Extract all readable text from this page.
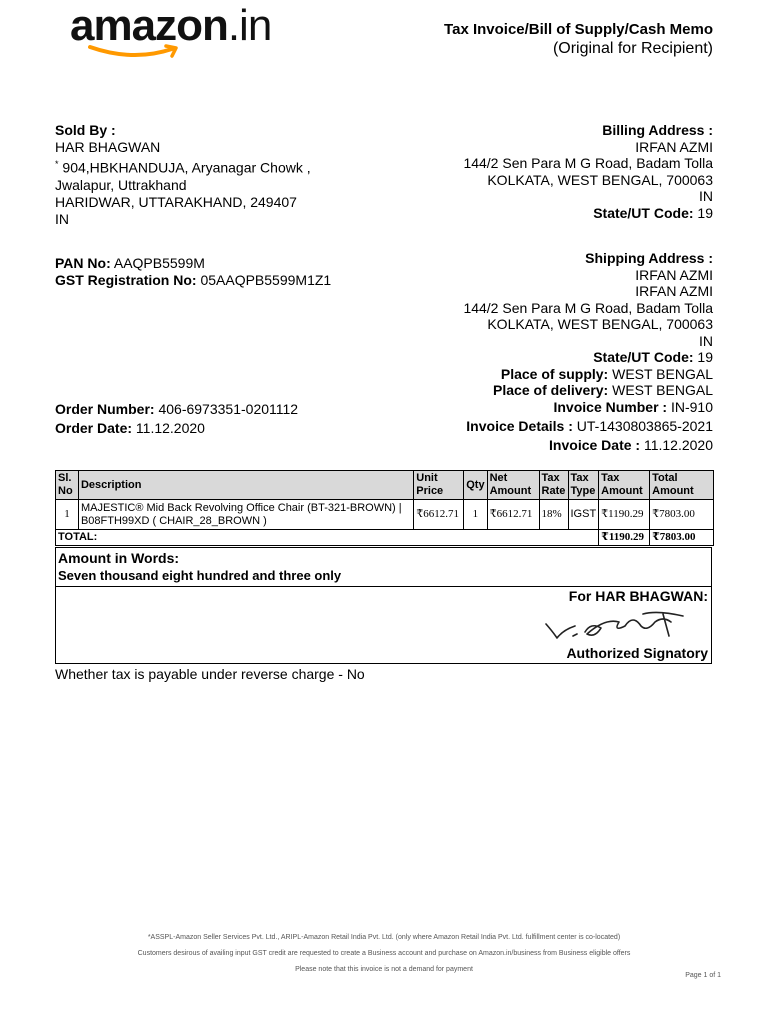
amazon.in	Tax Invoice/Bill of Supply/Cash Memo
(Original for Recipient)
Sold By :
HAR BHAGWAN
* 904,HBKHANDUJA, Aryanagar Chowk ,
Jwalapur, Uttrakhand
HARIDWAR, UTTARAKHAND, 249407
IN
PAN No: AAQPB5599M
GST Registration No: 05AAQPB5599M1Z1
Billing Address :
IRFAN AZMI
144/2 Sen Para M G Road, Badam Tolla
KOLKATA, WEST BENGAL, 700063
IN
State/UT Code: 19
Shipping Address :
IRFAN AZMI
IRFAN AZMI
144/2 Sen Para M G Road, Badam Tolla
KOLKATA, WEST BENGAL, 700063
IN
State/UT Code: 19
Place of supply: WEST BENGAL
Place of delivery: WEST BENGAL
Order Number: 406-6973351-0201112
Order Date: 11.12.2020
Invoice Number : IN-910
Invoice Details : UT-1430803865-2021
Invoice Date : 11.12.2020
Sl. No	Description	Unit Price	Qty	Net Amount	Tax Rate	Tax Type	Tax Amount	Total Amount
1	MAJESTIC® Mid Back Revolving Office Chair (BT-321-BROWN) | B08FTH99XD ( CHAIR_28_BROWN )	₹6612.71	1	₹6612.71	18%	IGST	₹1190.29	₹7803.00
TOTAL:							₹1190.29	₹7803.00
Amount in Words:
Seven thousand eight hundred and three only
For HAR BHAGWAN:
Authorized Signatory
Whether tax is payable under reverse charge - No
*ASSPL-Amazon Seller Services Pvt. Ltd., ARIPL-Amazon Retail India Pvt. Ltd. (only where Amazon Retail India Pvt. Ltd. fulfillment center is co-located)
Customers desirous of availing input GST credit are requested to create a Business account and purchase on Amazon.in/business from Business eligible offers
Please note that this invoice is not a demand for payment
Page 1 of 1
